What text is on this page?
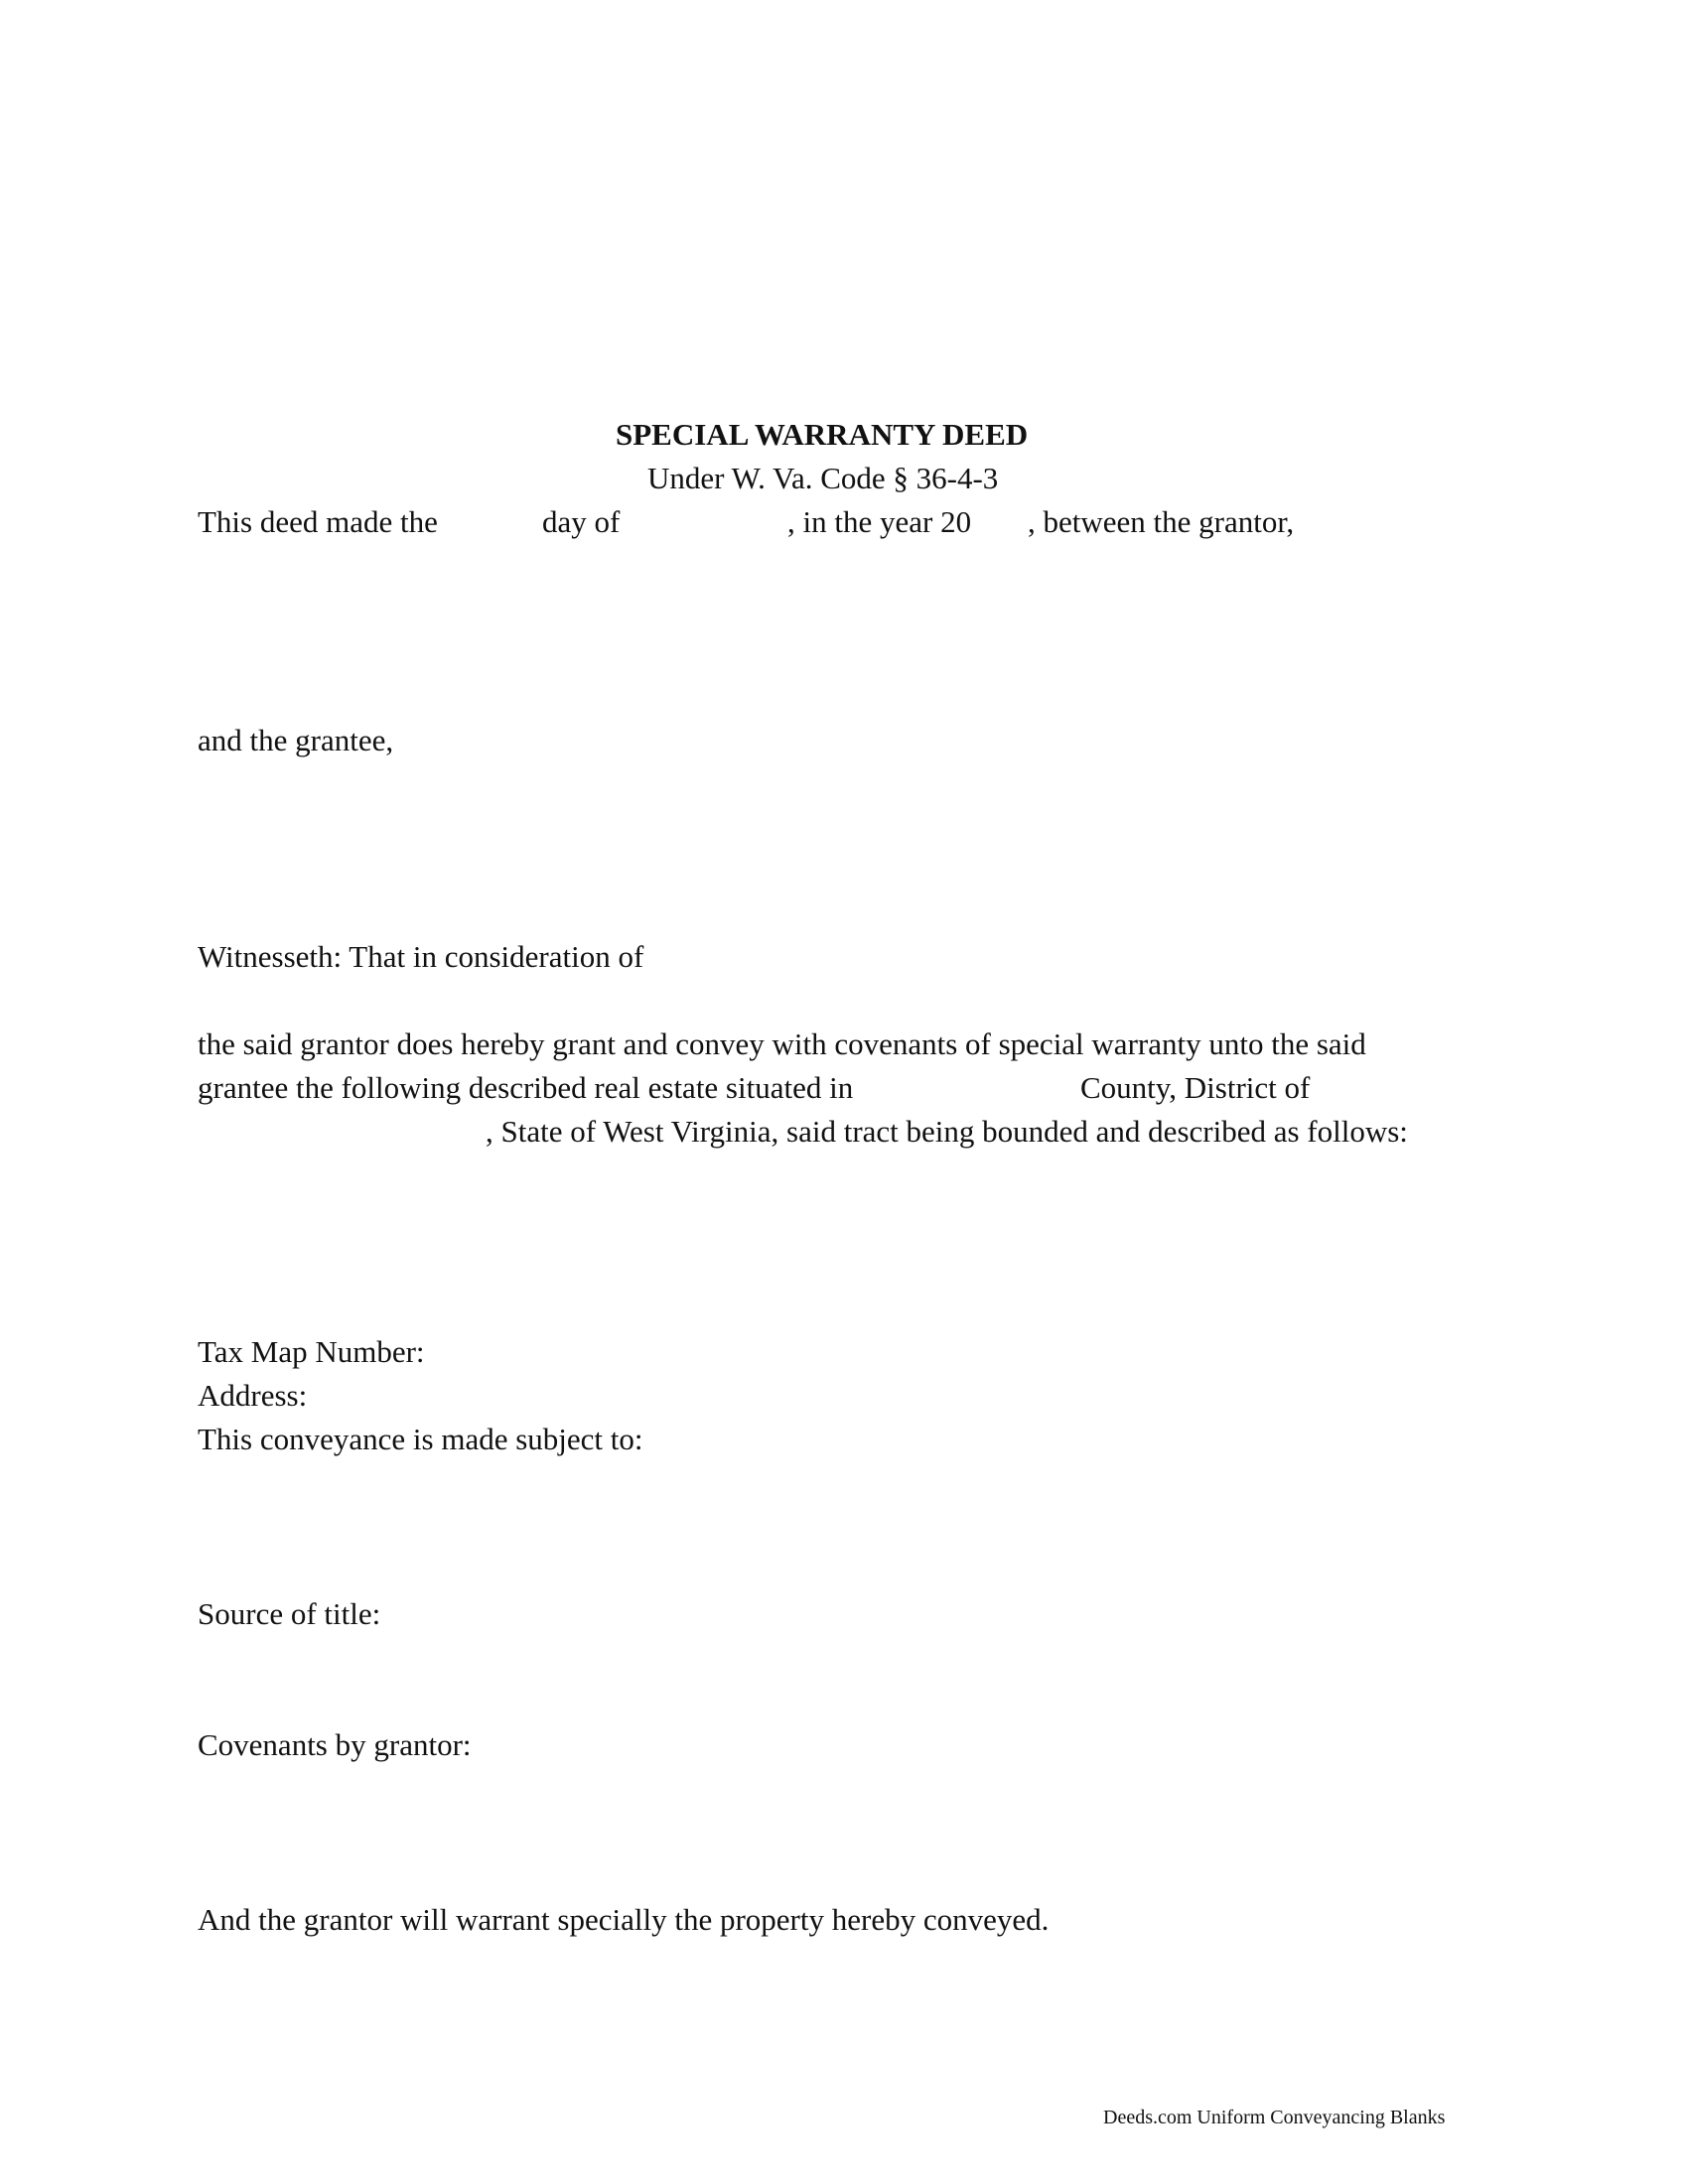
SPECIAL WARRANTY DEED
Under W. Va. Code § 36-4-3
This deed made the	day of	, in the year 20 , between the grantor,
and the grantee,
Witnesseth: That in consideration of
the said grantor does hereby grant and convey with covenants of special warranty unto the said
grantee the following described real estate situated in	County, District of
, State of West Virginia, said tract being bounded and described as follows:
Tax Map Number:
Address:
This conveyance is made subject to:
Source of title:
Covenants by grantor:
And the grantor will warrant specially the property hereby conveyed.
Deeds.com Uniform Conveyancing Blanks
